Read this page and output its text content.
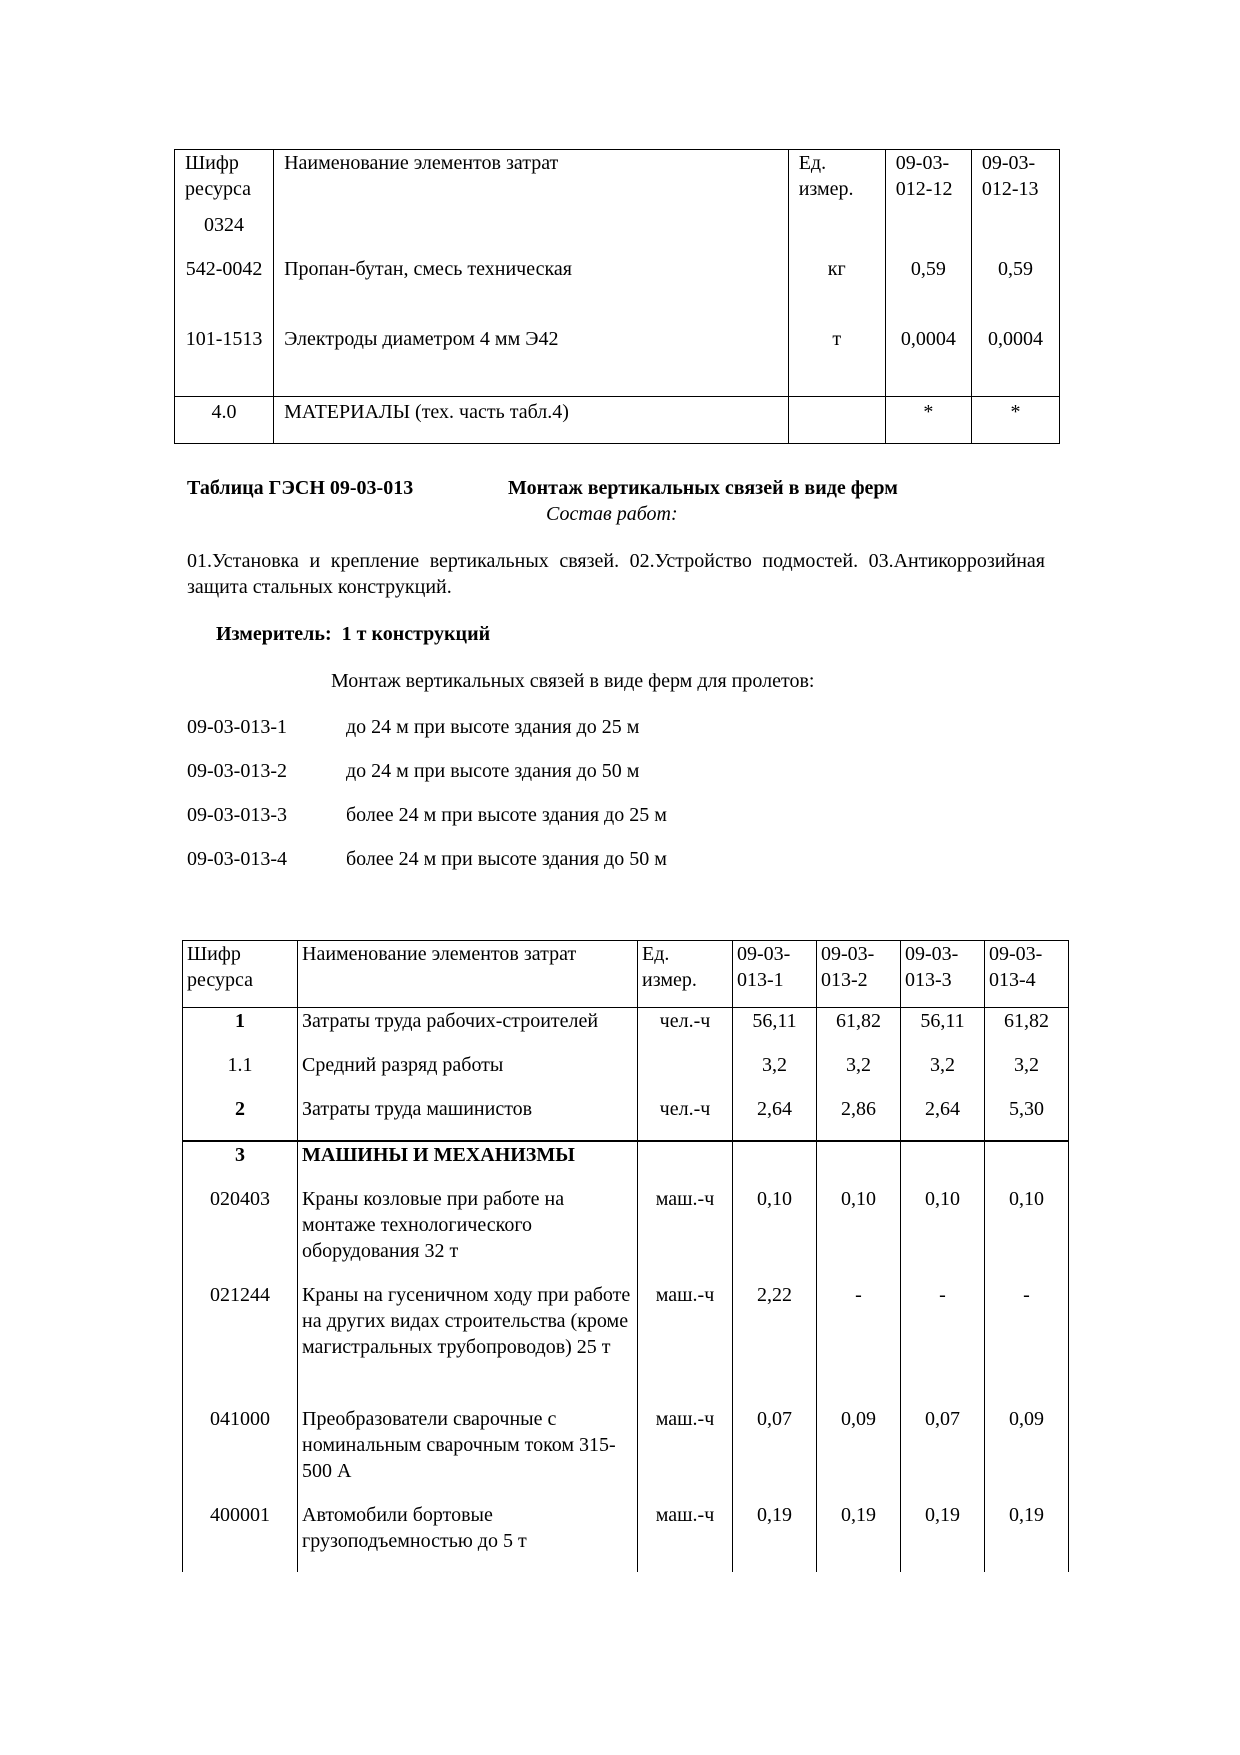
Шифр ресурса	Наименование элементов затрат	Ед. измер.	09-03-012-12	09-03-012-13
0324				
542-0042	Пропан-бутан, смесь техническая	кг	0,59	0,59
101-1513	Электроды диаметром 4 мм Э42	т	0,0004	0,0004
4.0	МАТЕРИАЛЫ (тех. часть табл.4)		*	*
Таблица ГЭСН 09-03-013	Монтаж вертикальных связей в виде ферм
Состав работ:
01.Установка и крепление вертикальных связей. 02.Устройство подмостей. 03.Антикоррозийная защита стальных конструкций.
Измеритель: 1 т конструкций
Монтаж вертикальных связей в виде ферм для пролетов:
09-03-013-1	до 24 м при высоте здания до 25 м
09-03-013-2	до 24 м при высоте здания до 50 м
09-03-013-3	более 24 м при высоте здания до 25 м
09-03-013-4	более 24 м при высоте здания до 50 м
Шифр ресурса	Наименование элементов затрат	Ед. измер.	09-03-013-1	09-03-013-2	09-03-013-3	09-03-013-4
1	Затраты труда рабочих-строителей	чел.-ч	56,11	61,82	56,11	61,82
1.1	Средний разряд работы		3,2	3,2	3,2	3,2
2	Затраты труда машинистов	чел.-ч	2,64	2,86	2,64	5,30
3	МАШИНЫ И МЕХАНИЗМЫ					
020403	Краны козловые при работе на монтаже технологического оборудования 32 т	маш.-ч	0,10	0,10	0,10	0,10
021244	Краны на гусеничном ходу при работе на других видах строительства (кроме магистральных трубопроводов) 25 т	маш.-ч	2,22	-	-	-
041000	Преобразователи сварочные с номинальным сварочным током 315-500 А	маш.-ч	0,07	0,09	0,07	0,09
400001	Автомобили бортовые грузоподъемностью до 5 т	маш.-ч	0,19	0,19	0,19	0,19
